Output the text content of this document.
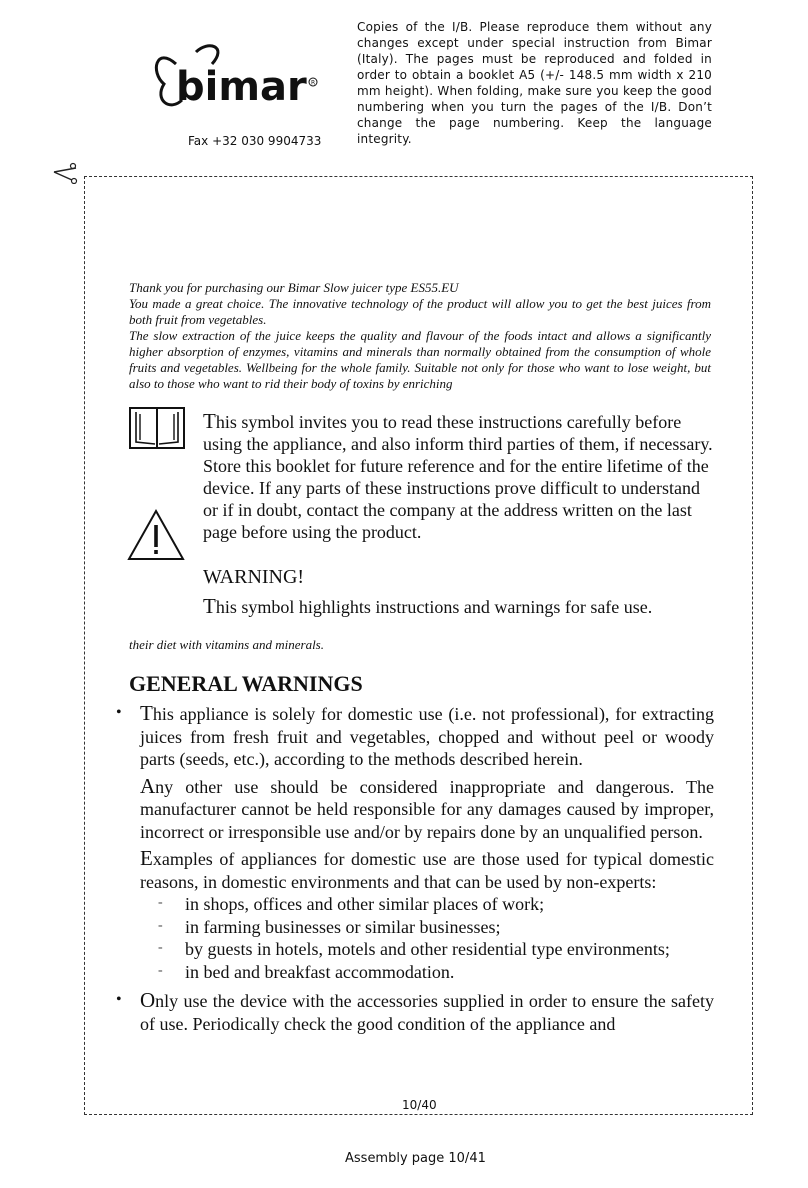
bimar R
Fax +32 030 9904733
Copies of the I/B. Please reproduce them without any changes except under special instruction from Bimar (Italy). The pages must be reproduced and folded in order to obtain a booklet A5 (+/- 148.5 mm width x 210 mm height). When folding, make sure you keep the good numbering when you turn the pages of the I/B. Don’t change the page numbering. Keep the language integrity.

Thank you for purchasing our Bimar Slow juicer type ES55.EU

You made a great choice. The innovative technology of the product will allow you to get the best juices from both fruit from vegetables.

The slow extraction of the juice keeps the quality and flavour of the foods intact and allows a significantly higher absorption of enzymes, vitamins and minerals than normally obtained from the consumption of whole fruits and vegetables. Wellbeing for the whole family. Suitable not only for those who want to lose weight, but also to those who want to rid their body of toxins by enriching

This symbol invites you to read these instructions carefully before using the appliance, and also inform third parties of them, if necessary. Store this booklet for future reference and for the entire lifetime of the device. If any parts of these instructions prove difficult to understand or if in doubt, contact the company at the address written on the last page before using the product.
WARNING!
This symbol highlights instructions and warnings for safe use.
their diet with vitamins and minerals.
GENERAL WARNINGS
• This appliance is solely for domestic use (i.e. not professional), for extracting juices from fresh fruit and vegetables, chopped and without peel or woody parts (seeds, etc.), according to the methods described herein.

Any other use should be considered inappropriate and dangerous. The manufacturer cannot be held responsible for any damages caused by improper, incorrect or irresponsible use and/or by repairs done by an unqualified person.

Examples of appliances for domestic use are those used for typical domestic reasons, in domestic environments and that can be used by non-experts:

- in shops, offices and other similar places of work;
- in farming businesses or similar businesses;
- by guests in hotels, motels and other residential type environments;
- in bed and breakfast accommodation.
• Only use the device with the accessories supplied in order to ensure the safety of use. Periodically check the good condition of the appliance and

10/40
Assembly page 10/41
